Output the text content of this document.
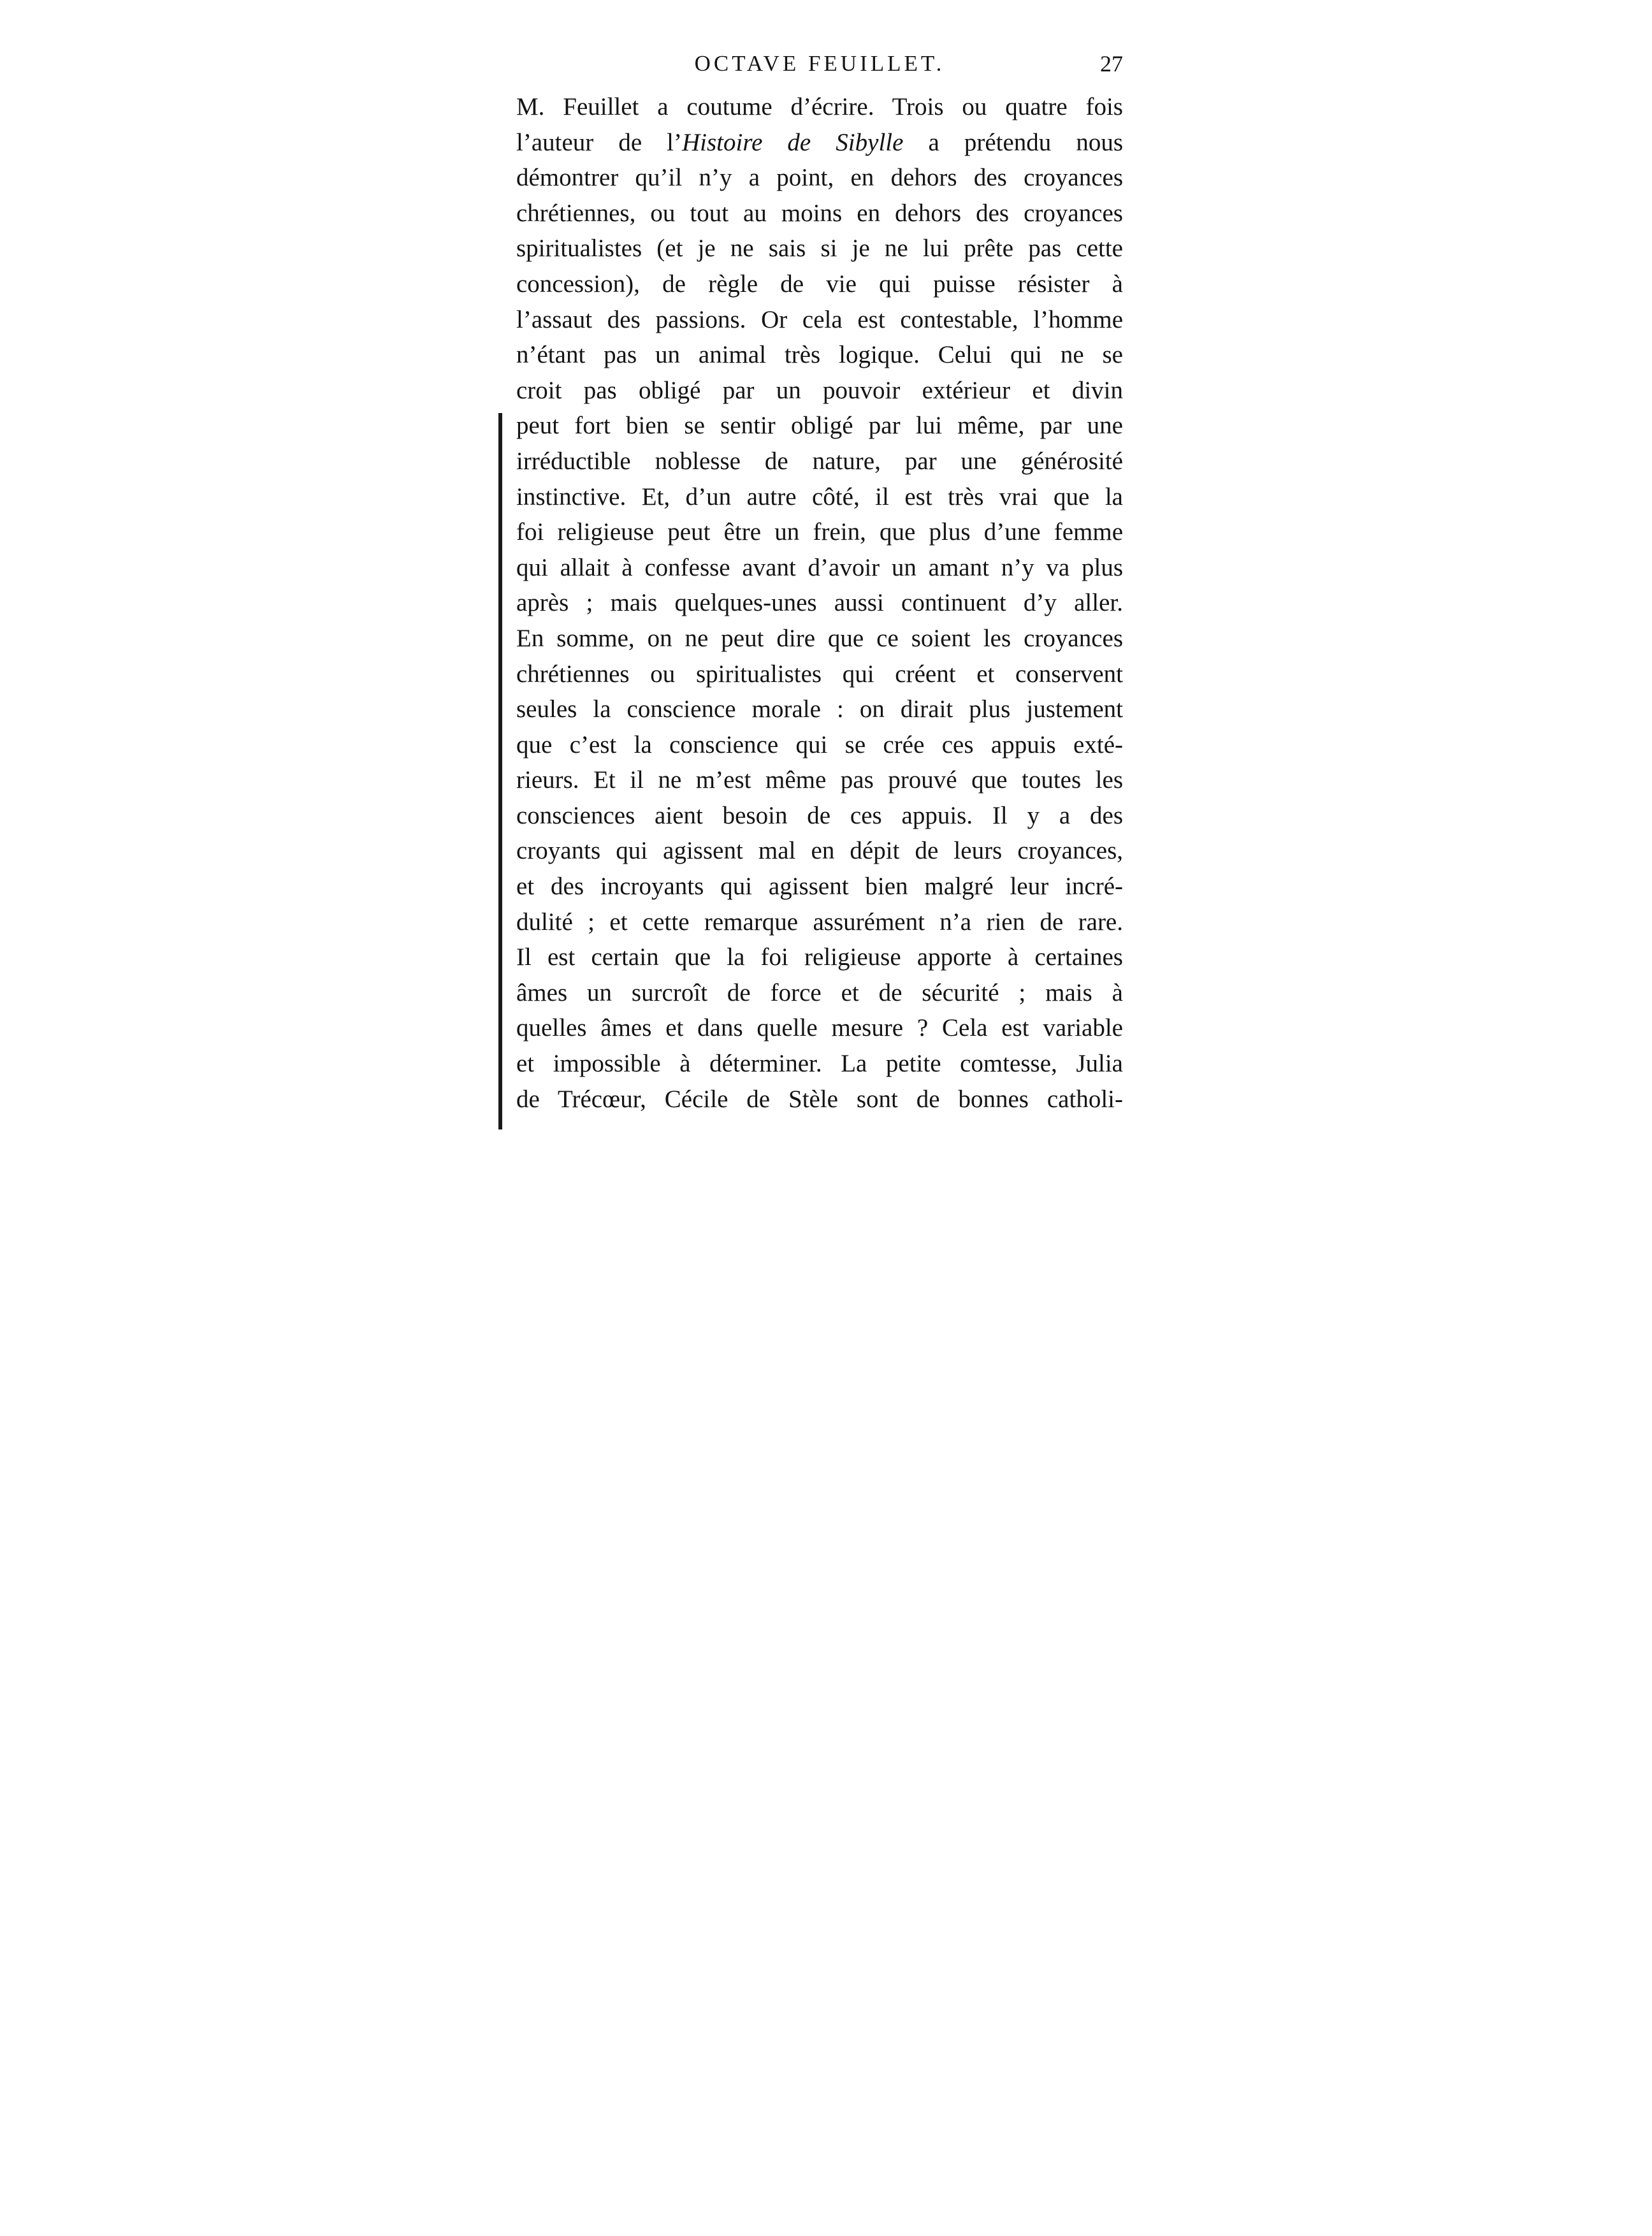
OCTAVE FEUILLET.	27
M. Feuillet a coutume d’écrire. Trois ou quatre fois
l’auteur de l’Histoire de Sibylle a prétendu nous
démontrer qu’il n’y a point, en dehors des croyances
chrétiennes, ou tout au moins en dehors des croyances
spiritualistes (et je ne sais si je ne lui prête pas cette
concession), de règle de vie qui puisse résister à
l’assaut des passions. Or cela est contestable, l’homme
n’étant pas un animal très logique. Celui qui ne se
croit pas obligé par un pouvoir extérieur et divin
peut fort bien se sentir obligé par lui même, par une
irréductible noblesse de nature, par une générosité
instinctive. Et, d’un autre côté, il est très vrai que la
foi religieuse peut être un frein, que plus d’une femme
qui allait à confesse avant d’avoir un amant n’y va plus
après ; mais quelques-unes aussi continuent d’y aller.
En somme, on ne peut dire que ce soient les croyances
chrétiennes ou spiritualistes qui créent et conservent
seules la conscience morale : on dirait plus justement
que c’est la conscience qui se crée ces appuis exté-
rieurs. Et il ne m’est même pas prouvé que toutes les
consciences aient besoin de ces appuis. Il y a des
croyants qui agissent mal en dépit de leurs croyances,
et des incroyants qui agissent bien malgré leur incré-
dulité ; et cette remarque assurément n’a rien de rare.
Il est certain que la foi religieuse apporte à certaines
âmes un surcroît de force et de sécurité ; mais à
quelles âmes et dans quelle mesure ? Cela est variable
et impossible à déterminer. La petite comtesse, Julia
de Trécœur, Cécile de Stèle sont de bonnes catholi-
